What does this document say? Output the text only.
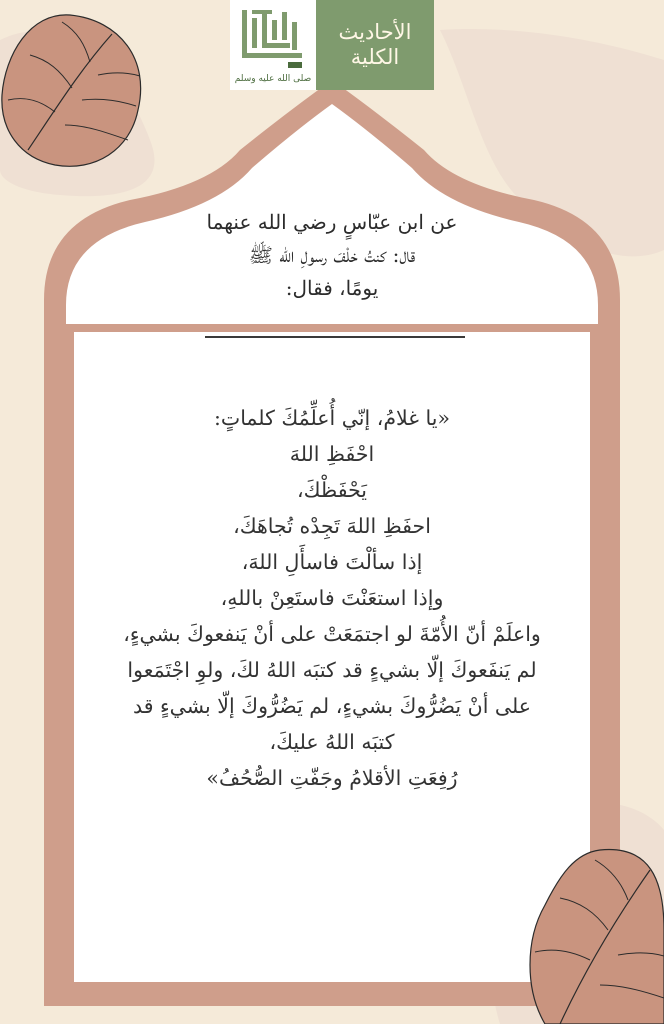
صلى الله عليه وسلم
الأحاديث
الكلية
عن ابن عبّاسٍ رضي الله عنهما
قال: كنتُ خلْفَ رسولِ الله ﷺ
يومًا، فقال:
«يا غلامُ، إنّي أُعلِّمُكَ كلماتٍ:
احْفَظِ اللهَ
يَحْفَظْكَ،
احفَظِ اللهَ تَجِدْه تُجاهَكَ،
إذا سألْتَ فاسأَلِ اللهَ،
وإذا استعَنْتَ فاستَعِنْ باللهِ،
واعلَمْ أنّ الأُمّةَ لو اجتمَعَتْ على أنْ يَنفعوكَ بشيءٍ،
لم يَنفَعوكَ إلّا بشيءٍ قد كتبَه اللهُ لكَ، ولوِ اجْتَمَعوا
على أنْ يَضُرُّوكَ بشيءٍ، لم يَضُرُّوكَ إلّا بشيءٍ قد
كتبَه اللهُ عليكَ،
رُفِعَتِ الأقلامُ وجَفّتِ الصُّحُفُ»
